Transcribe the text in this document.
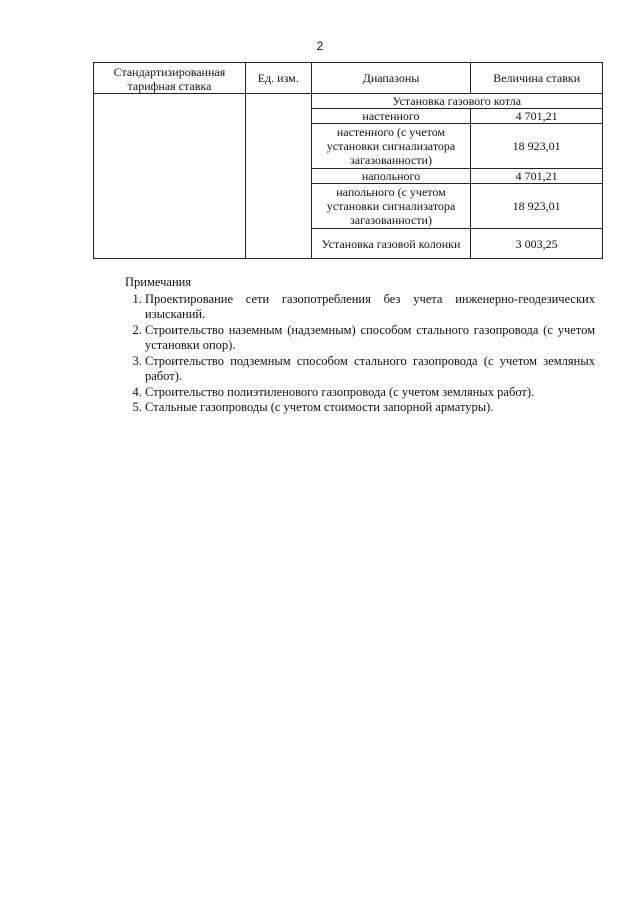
2
Стандартизированная тарифная ставка	Ед. изм.	Диапазоны	Величина ставки
		Установка газового котла	
		настенного	4 701,21
		настенного (с учетом установки сигнализатора загазованности)	18 923,01
		напольного	4 701,21
		напольного (с учетом установки сигнализатора загазованности)	18 923,01
		Установка газовой колонки	3 003,25
Примечания
1. Проектирование сети газопотребления без учета инженерно-геодезических изысканий.
2. Строительство наземным (надземным) способом стального газопровода (с учетом установки опор).
3. Строительство подземным способом стального газопровода (с учетом земляных работ).
4. Строительство полиэтиленового газопровода (с учетом земляных работ).
5. Стальные газопроводы (с учетом стоимости запорной арматуры).
